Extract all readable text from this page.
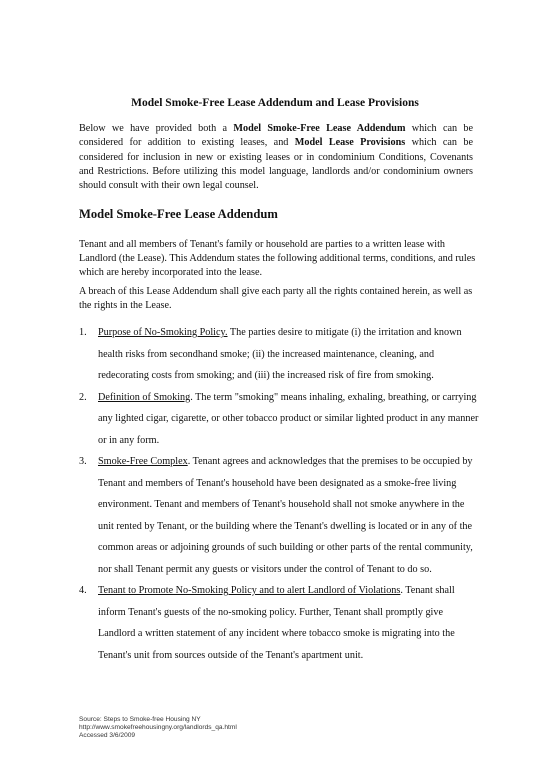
Model Smoke-Free Lease Addendum and Lease Provisions

Below we have provided both a Model Smoke-Free Lease Addendum which can be considered for addition to existing leases, and Model Lease Provisions which can be considered for inclusion in new or existing leases or in condominium Conditions, Covenants and Restrictions. Before utilizing this model language, landlords and/or condominium owners should consult with their own legal counsel.

Model Smoke-Free Lease Addendum

Tenant and all members of Tenant's family or household are parties to a written lease with Landlord (the Lease). This Addendum states the following additional terms, conditions, and rules which are hereby incorporated into the lease.

A breach of this Lease Addendum shall give each party all the rights contained herein, as well as the rights in the Lease.

1. Purpose of No-Smoking Policy. The parties desire to mitigate (i) the irritation and known health risks from secondhand smoke; (ii) the increased maintenance, cleaning, and redecorating costs from smoking; and (iii) the increased risk of fire from smoking.
2. Definition of Smoking. The term "smoking" means inhaling, exhaling, breathing, or carrying any lighted cigar, cigarette, or other tobacco product or similar lighted product in any manner or in any form.
3. Smoke-Free Complex. Tenant agrees and acknowledges that the premises to be occupied by Tenant and members of Tenant's household have been designated as a smoke-free living environment. Tenant and members of Tenant's household shall not smoke anywhere in the unit rented by Tenant, or the building where the Tenant's dwelling is located or in any of the common areas or adjoining grounds of such building or other parts of the rental community, nor shall Tenant permit any guests or visitors under the control of Tenant to do so.
4. Tenant to Promote No-Smoking Policy and to alert Landlord of Violations. Tenant shall inform Tenant's guests of the no-smoking policy. Further, Tenant shall promptly give Landlord a written statement of any incident where tobacco smoke is migrating into the Tenant's unit from sources outside of the Tenant's apartment unit.
Source: Steps to Smoke-free Housing NY
http://www.smokefreehousingny.org/landlords_qa.html
Accessed 3/6/2009
